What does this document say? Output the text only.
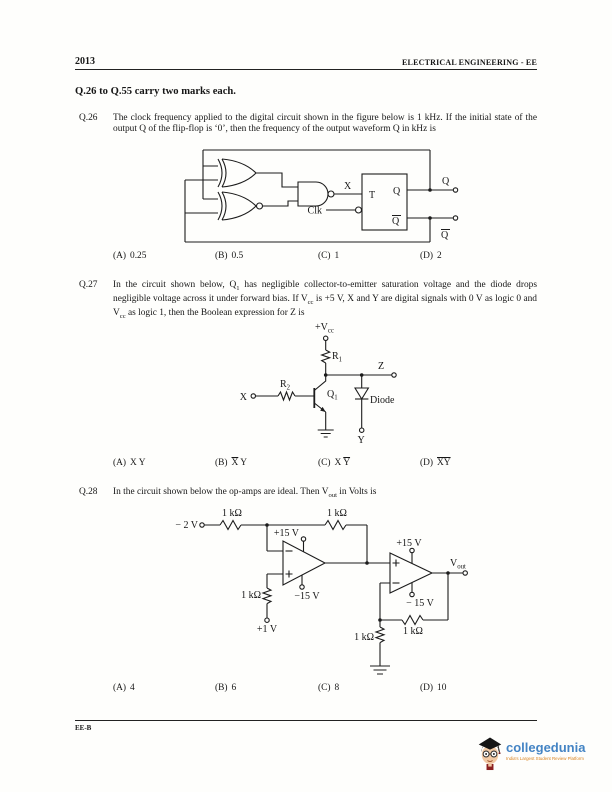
2013	ELECTRICAL ENGINEERING - EE
Q.26 to Q.55 carry two marks each.
Q.26 The clock frequency applied to the digital circuit shown in the figure below is 1 kHz. If the initial state of the output Q of the flip-flop is ‘0’, then the frequency of the output waveform Q in kHz is
X
T Q
Q
Clk
Q
Q
(A) 0.25	(B) 0.5	(C) 1	(D) 2
Q.27 In the circuit shown below, $Q_1$ has negligible collector-to-emitter saturation voltage and the diode drops negligible voltage across it under forward bias. If $V_{cc}$ is +5 V, X and Y are digital signals with 0 V as logic 0 and $V_{cc}$ as logic 1, then the Boolean expression for Z is
$+V_{cc}$
$R_1$
$R_2$
$Q_1$
Z
X
Y
Diode
(A) X Y	(B) $\overline{X}$ Y	(C) X $\overline{Y}$	(D) $\overline{XY}$
Q.28 In the circuit shown below the op-amps are ideal. Then $V_{out}$ in Volts is
− 2 V
1 kΩ	1 kΩ
+15 V
−15 V
1 kΩ
+1 V
+15 V
− 15 V
1 kΩ
1 kΩ
$V_{out}$
(A) 4	(B) 6	(C) 8	(D) 10
EE-B
collegedunia
India's Largest Student Review Platform
